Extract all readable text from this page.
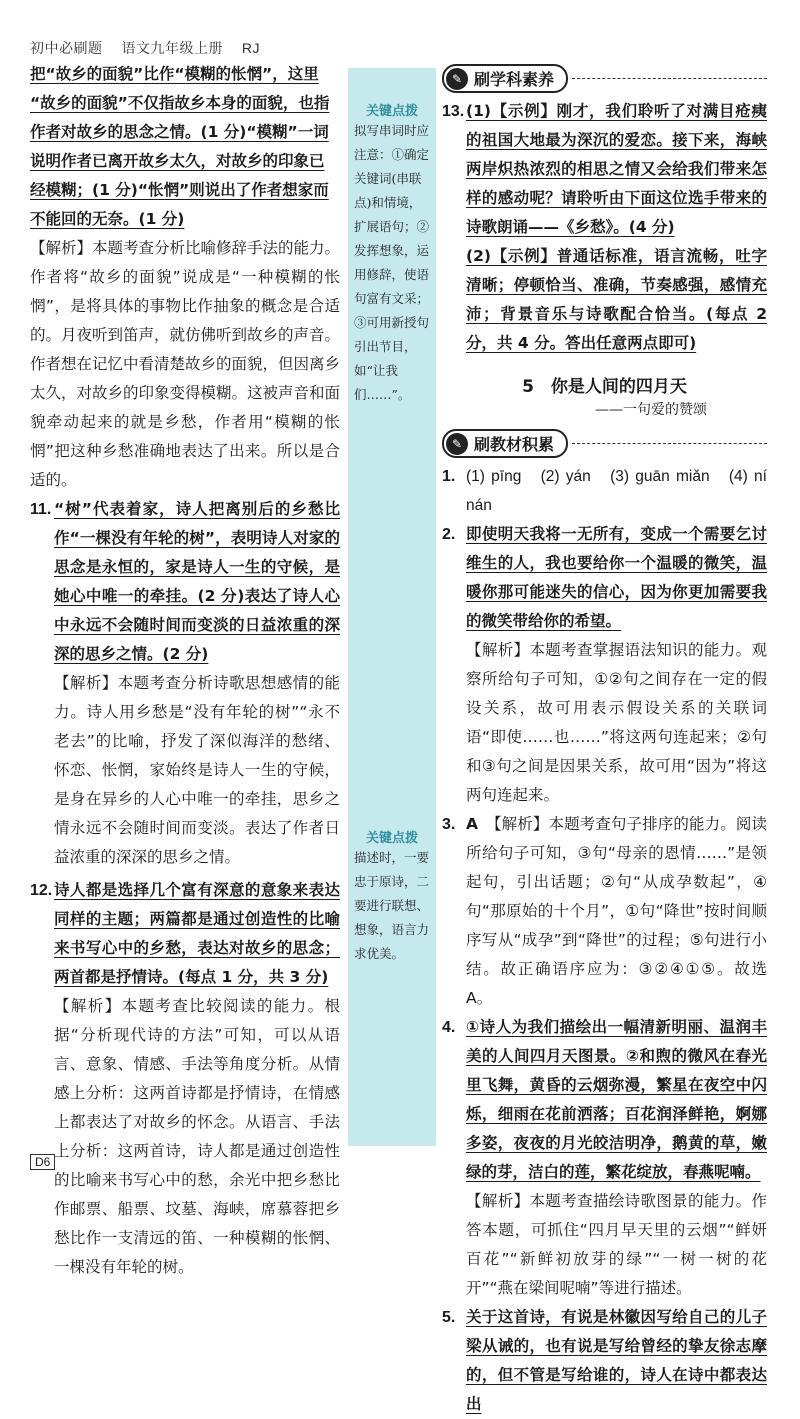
初中必刷题 语文九年级上册 RJ

把“故乡的面貌”比作“模糊的怅惘”，这里

“故乡的面貌”不仅指故乡本身的面貌，也指

作者对故乡的思念之情。(1 分)“模糊”一词

说明作者已离开故乡太久，对故乡的印象已

经模糊；(1 分)“怅惘”则说出了作者想家而

不能回的无奈。(1 分)

【解析】本题考查分析比喻修辞手法的能力。作者将“故乡的面貌”说成是“一种模糊的怅惘”，是将具体的事物比作抽象的概念是合适的。月夜听到笛声，就仿佛听到故乡的声音。作者想在记忆中看清楚故乡的面貌，但因离乡太久，对故乡的印象变得模糊。这被声音和面貌牵动起来的就是乡愁，作者用“模糊的怅惘”把这种乡愁准确地表达了出来。所以是合适的。

11. “树”代表着家，诗人把离别后的乡愁比作“一棵没有年轮的树”，表明诗人对家的思念是永恒的，家是诗人一生的守候，是她心中唯一的牵挂。(2 分)表达了诗人心中永远不会随时间而变淡的日益浓重的深深的思乡之情。(2 分)

【解析】本题考查分析诗歌思想感情的能力。诗人用乡愁是“没有年轮的树”“永不老去”的比喻，抒发了深似海洋的愁绪、怀恋、怅惘，家始终是诗人一生的守候，是身在异乡的人心中唯一的牵挂，思乡之情永远不会随时间而变淡。表达了作者日益浓重的深深的思乡之情。

12. 诗人都是选择几个富有深意的意象来表达同样的主题；两篇都是通过创造性的比喻来书写心中的乡愁，表达对故乡的思念；两首都是抒情诗。(每点 1 分，共 3 分)

【解析】本题考查比较阅读的能力。根据“分析现代诗的方法”可知，可以从语言、意象、情感、手法等角度分析。从情感上分析：这两首诗都是抒情诗，在情感上都表达了对故乡的怀念。从语言、手法上分析：这两首诗，诗人都是通过创造性的比喻来书写心中的愁，余光中把乡愁比作邮票、船票、坟墓、海峡，席慕蓉把乡愁比作一支清远的笛、一种模糊的怅惘、一棵没有年轮的树。

关键点拨
拟写串词时应注意：①确定关键词(串联点)和情境，扩展语句；②发挥想象，运用修辞，使语句富有文采；③可用新授句引出节目，如“让我们……”。
关键点拨
描述时，一要忠于原诗，二要进行联想、想象，语言力求优美。
✎ 刷学科素养
13. (1)【示例】刚才，我们聆听了对满目疮痍的祖国大地最为深沉的爱恋。接下来，海峡两岸炽热浓烈的相思之情又会给我们带来怎样的感动呢？请聆听由下面这位选手带来的诗歌朗诵——《乡愁》。(4 分)

(2)【示例】普通话标准，语言流畅，吐字清晰；停顿恰当、准确，节奏感强，感情充沛；背景音乐与诗歌配合恰当。(每点 2 分，共 4 分。答出任意两点即可)

5　你是人间的四月天
——一句爱的赞颂
✎ 刷教材积累
1. (1) pīng　(2) yán　(3) guān miǎn　(4) ní nán

2. 即使明天我将一无所有，变成一个需要乞讨维生的人，我也要给你一个温暖的微笑，温暖你那可能迷失的信心，因为你更加需要我的微笑带给你的希望。

【解析】本题考查掌握语法知识的能力。观察所给句子可知，①②句之间存在一定的假设关系，故可用表示假设关系的关联词语“即使……也……”将这两句连起来；②句和③句之间是因果关系，故可用“因为”将这两句连起来。

3. A　 【解析】本题考查句子排序的能力。阅读所给句子可知，③句“母亲的恩情……”是领起句，引出话题；②句“从成孕数起”，④句“那原始的十个月”，①句“降世”按时间顺序写从“成孕”到“降世”的过程；⑤句进行小结。故正确语序应为：③②④①⑤。故选 A。

4. ①诗人为我们描绘出一幅清新明丽、温润丰美的人间四月天图景。②和煦的微风在春光里飞舞，黄昏的云烟弥漫，繁星在夜空中闪烁，细雨在花前洒落；百花润泽鲜艳，婀娜多姿，夜夜的月光皎洁明净，鹅黄的草，嫩绿的芽，洁白的莲，繁花绽放，春燕呢喃。

【解析】本题考查描绘诗歌图景的能力。作答本题，可抓住“四月早天里的云烟”“鲜妍百花”“新鲜初放芽的绿”“一树一树的花开”“燕在梁间呢喃”等进行描述。

5. 关于这首诗，有说是林徽因写给自己的儿子梁从诫的，也有说是写给曾经的挚友徐志摩的，但不管是写给谁的，诗人在诗中都表达出

D6
